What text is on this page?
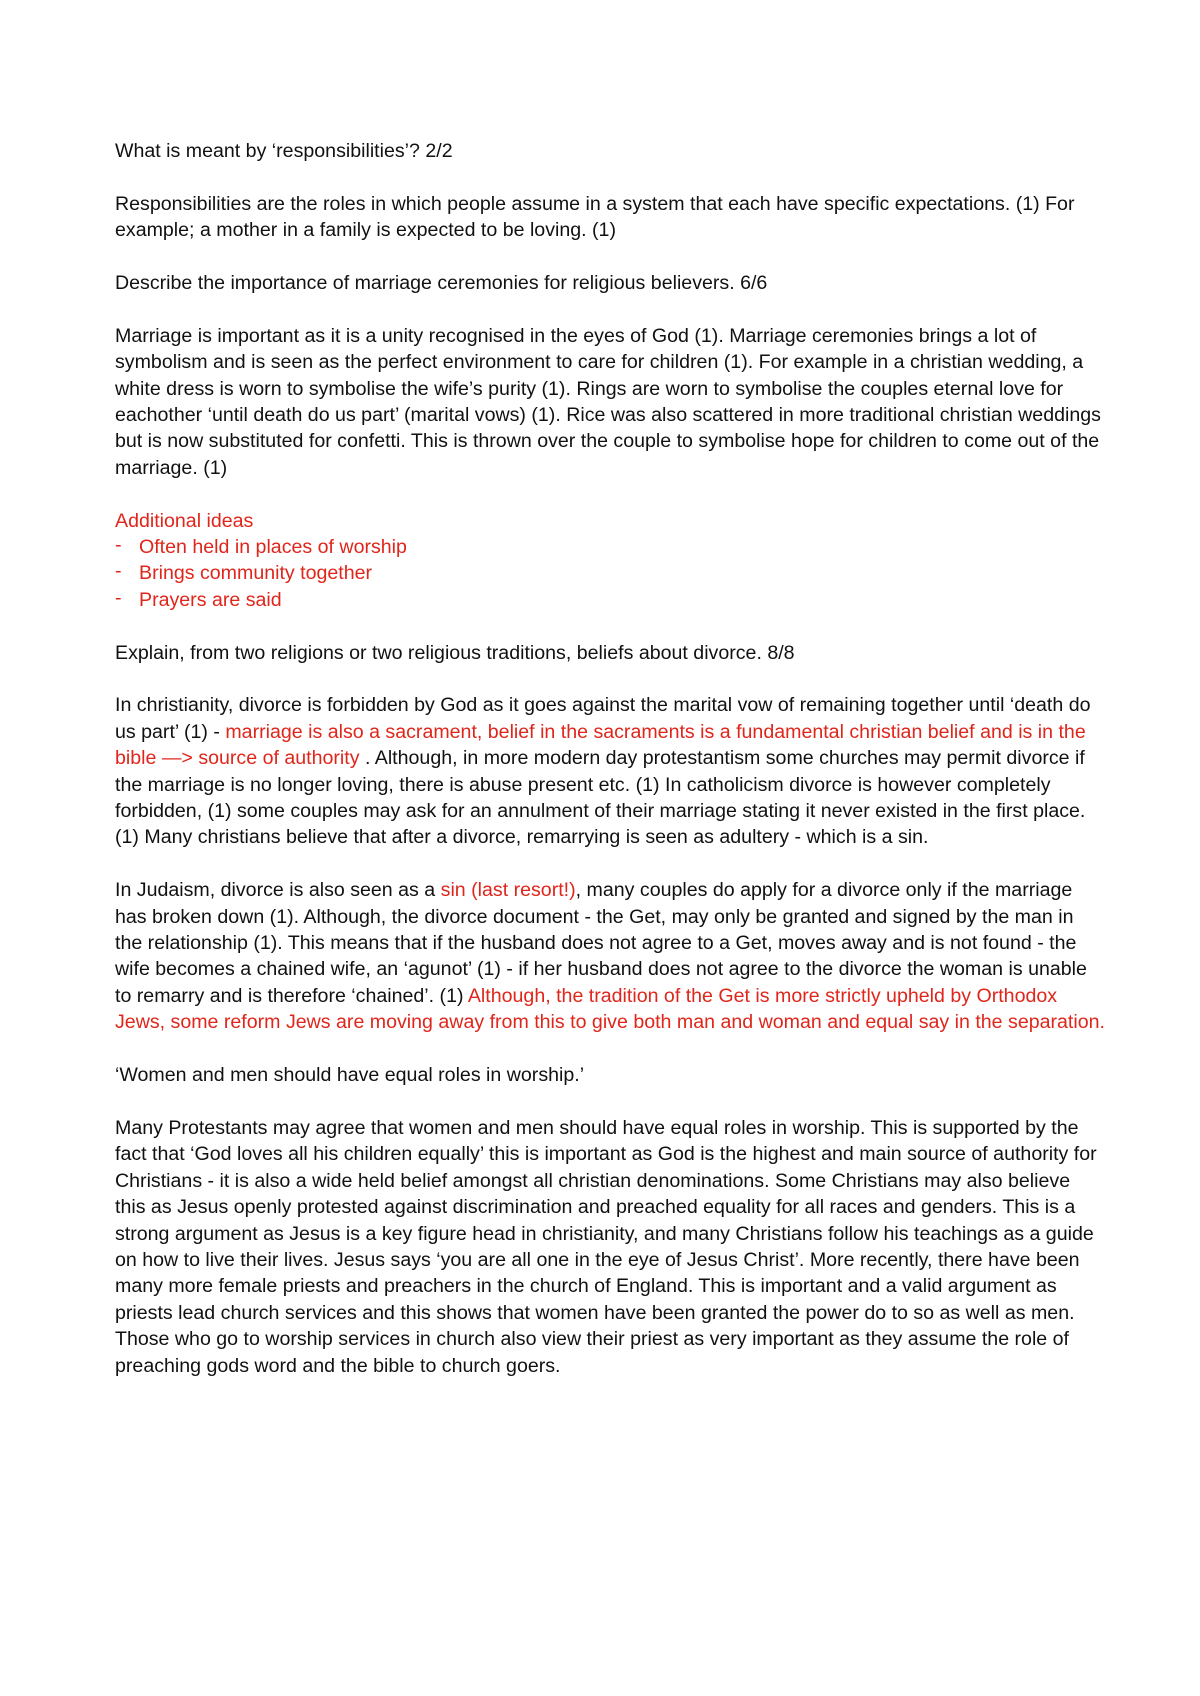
What is meant by ‘responsibilities’? 2/2

Responsibilities are the roles in which people assume in a system that each have specific expectations. (1) For example; a mother in a family is expected to be loving. (1)

Describe the importance of marriage ceremonies for religious believers. 6/6

Marriage is important as it is a unity recognised in the eyes of God (1). Marriage ceremonies brings a lot of symbolism and is seen as the perfect environment to care for children (1). For example in a christian wedding, a white dress is worn to symbolise the wife’s purity (1). Rings are worn to symbolise the couples eternal love for eachother ‘until death do us part’ (marital vows) (1). Rice was also scattered in more traditional christian weddings but is now substituted for confetti. This is thrown over the couple to symbolise hope for children to come out of the marriage. (1)

Additional ideas
- Often held in places of worship
- Brings community together
- Prayers are said

Explain, from two religions or two religious traditions, beliefs about divorce. 8/8

In christianity, divorce is forbidden by God as it goes against the marital vow of remaining together until ‘death do us part’ (1) - marriage is also a sacrament, belief in the sacraments is a fundamental christian belief and is in the bible —> source of authority . Although, in more modern day protestantism some churches may permit divorce if the marriage is no longer loving, there is abuse present etc. (1) In catholicism divorce is however completely forbidden, (1) some couples may ask for an annulment of their marriage stating it never existed in the first place. (1) Many christians believe that after a divorce, remarrying is seen as adultery - which is a sin.

In Judaism, divorce is also seen as a sin (last resort!), many couples do apply for a divorce only if the marriage has broken down (1). Although, the divorce document - the Get, may only be granted and signed by the man in the relationship (1). This means that if the husband does not agree to a Get, moves away and is not found - the wife becomes a chained wife, an ‘agunot’ (1) - if her husband does not agree to the divorce the woman is unable to remarry and is therefore ‘chained’. (1) Although, the tradition of the Get is more strictly upheld by Orthodox Jews, some reform Jews are moving away from this to give both man and woman and equal say in the separation.

‘Women and men should have equal roles in worship.’

Many Protestants may agree that women and men should have equal roles in worship. This is supported by the fact that ‘God loves all his children equally’ this is important as God is the highest and main source of authority for Christians - it is also a wide held belief amongst all christian denominations. Some Christians may also believe this as Jesus openly protested against discrimination and preached equality for all races and genders. This is a strong argument as Jesus is a key figure head in christianity, and many Christians follow his teachings as a guide on how to live their lives. Jesus says ‘you are all one in the eye of Jesus Christ’. More recently, there have been many more female priests and preachers in the church of England. This is important and a valid argument as priests lead church services and this shows that women have been granted the power do to so as well as men. Those who go to worship services in church also view their priest as very important as they assume the role of preaching gods word and the bible to church goers.
